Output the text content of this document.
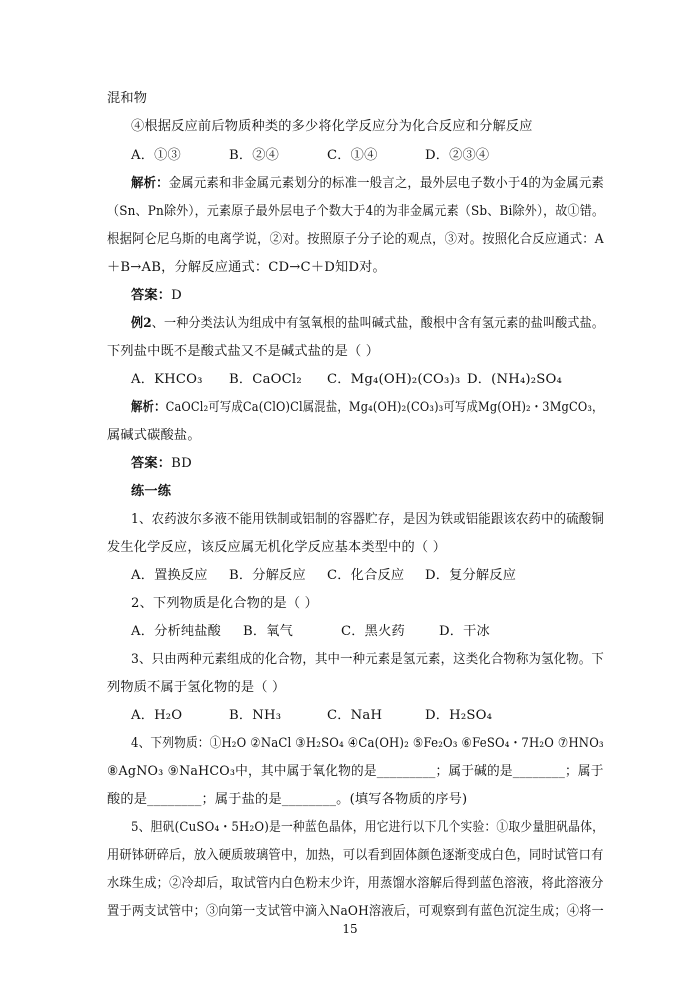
混和物
④根据反应前后物质种类的多少将化学反应分为化合反应和分解反应
A．①③	B．②④	C．①④	D．②③④
解析：金属元素和非金属元素划分的标准一般言之，最外层电子数小于4的为金属元素
（Sn、Pn除外），元素原子最外层电子个数大于4的为非金属元素（Sb、Bi除外），故①错。
根据阿仑尼乌斯的电离学说，②对。按照原子分子论的观点，③对。按照化合反应通式：A
＋B→AB，分解反应通式：CD→C＋D知D对。
答案：D
例2、一种分类法认为组成中有氢氧根的盐叫碱式盐，酸根中含有氢元素的盐叫酸式盐。
下列盐中既不是酸式盐又不是碱式盐的是（ ）
A．KHCO₃ B．CaOCl₂ C．Mg₄(OH)₂(CO₃)₃ D．(NH₄)₂SO₄
解析：CaOCl₂可写成Ca(ClO)Cl属混盐，Mg₄(OH)₂(CO₃)₃可写成Mg(OH)₂・3MgCO₃，
属碱式碳酸盐。
答案：BD
练一练
1、农药波尔多液不能用铁制或铝制的容器贮存，是因为铁或铝能跟该农药中的硫酸铜
发生化学反应，该反应属无机化学反应基本类型中的（ ）
A．置换反应 B．分解反应 C．化合反应 D．复分解反应
2、下列物质是化合物的是（ ）
A．分析纯盐酸 B．氧气	C．黑火药	D．干冰
3、只由两种元素组成的化合物，其中一种元素是氢元素，这类化合物称为氢化物。下
列物质不属于氢化物的是（ ）
A．H₂O	B．NH₃	C．NaH	D．H₂SO₄
4、下列物质：①H₂O ②NaCl ③H₂SO₄ ④Ca(OH)₂ ⑤Fe₂O₃ ⑥FeSO₄・7H₂O ⑦HNO₃
⑧AgNO₃ ⑨NaHCO₃中，其中属于氧化物的是_________；属于碱的是________；属于
酸的是________；属于盐的是________。(填写各物质的序号)
5、胆矾(CuSO₄・5H₂O)是一种蓝色晶体，用它进行以下几个实验：①取少量胆矾晶体，
用研钵研碎后，放入硬质玻璃管中，加热，可以看到固体颜色逐渐变成白色，同时试管口有
水珠生成；②冷却后，取试管内白色粉末少许，用蒸馏水溶解后得到蓝色溶液，将此溶液分
置于两支试管中；③向第一支试管中滴入NaOH溶液后，可观察到有蓝色沉淀生成；④将一
15
